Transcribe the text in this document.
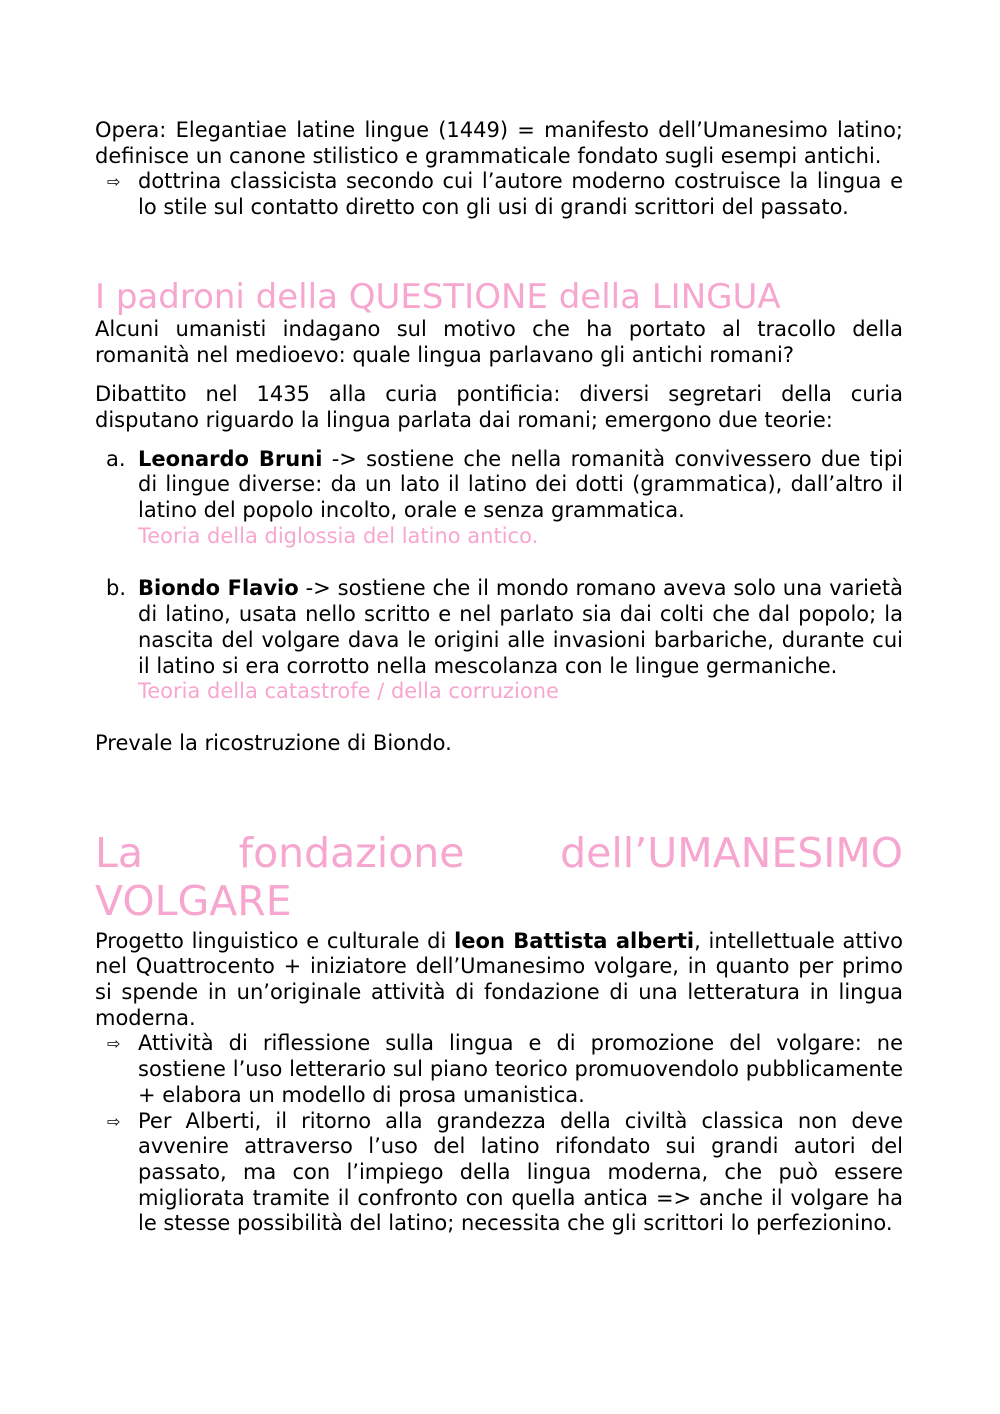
Opera: Elegantiae latine lingue (1449) = manifesto dell’Umanesimo latino; definisce un canone stilistico e grammaticale fondato sugli esempi antichi.

⇨ dottrina classicista secondo cui l’autore moderno costruisce la lingua e lo stile sul contatto diretto con gli usi di grandi scrittori del passato.
I padroni della QUESTIONE della LINGUA

Alcuni umanisti indagano sul motivo che ha portato al tracollo della romanità nel medioevo: quale lingua parlavano gli antichi romani?

Dibattito nel 1435 alla curia pontificia: diversi segretari della curia disputano riguardo la lingua parlata dai romani; emergono due teorie:

a. Leonardo Bruni -> sostiene che nella romanità convivessero due tipi di lingue diverse: da un lato il latino dei dotti (grammatica), dall’altro il latino del popolo incolto, orale e senza grammatica.

Teoria della diglossia del latino antico.

b. Biondo Flavio -> sostiene che il mondo romano aveva solo una varietà di latino, usata nello scritto e nel parlato sia dai colti che dal popolo; la nascita del volgare dava le origini alle invasioni barbariche, durante cui il latino si era corrotto nella mescolanza con le lingue germaniche.

Teoria della catastrofe / della corruzione

Prevale la ricostruzione di Biondo.

La fondazione dell’UMANESIMO VOLGARE

Progetto linguistico e culturale di leon Battista alberti, intellettuale attivo nel Quattrocento + iniziatore dell’Umanesimo volgare, in quanto per primo si spende in un’originale attività di fondazione di una letteratura in lingua moderna.

⇨ Attività di riflessione sulla lingua e di promozione del volgare: ne sostiene l’uso letterario sul piano teorico promuovendolo pubblicamente + elabora un modello di prosa umanistica.
⇨ Per Alberti, il ritorno alla grandezza della civiltà classica non deve avvenire attraverso l’uso del latino rifondato sui grandi autori del passato, ma con l’impiego della lingua moderna, che può essere migliorata tramite il confronto con quella antica => anche il volgare ha le stesse possibilità del latino; necessita che gli scrittori lo perfezionino.
